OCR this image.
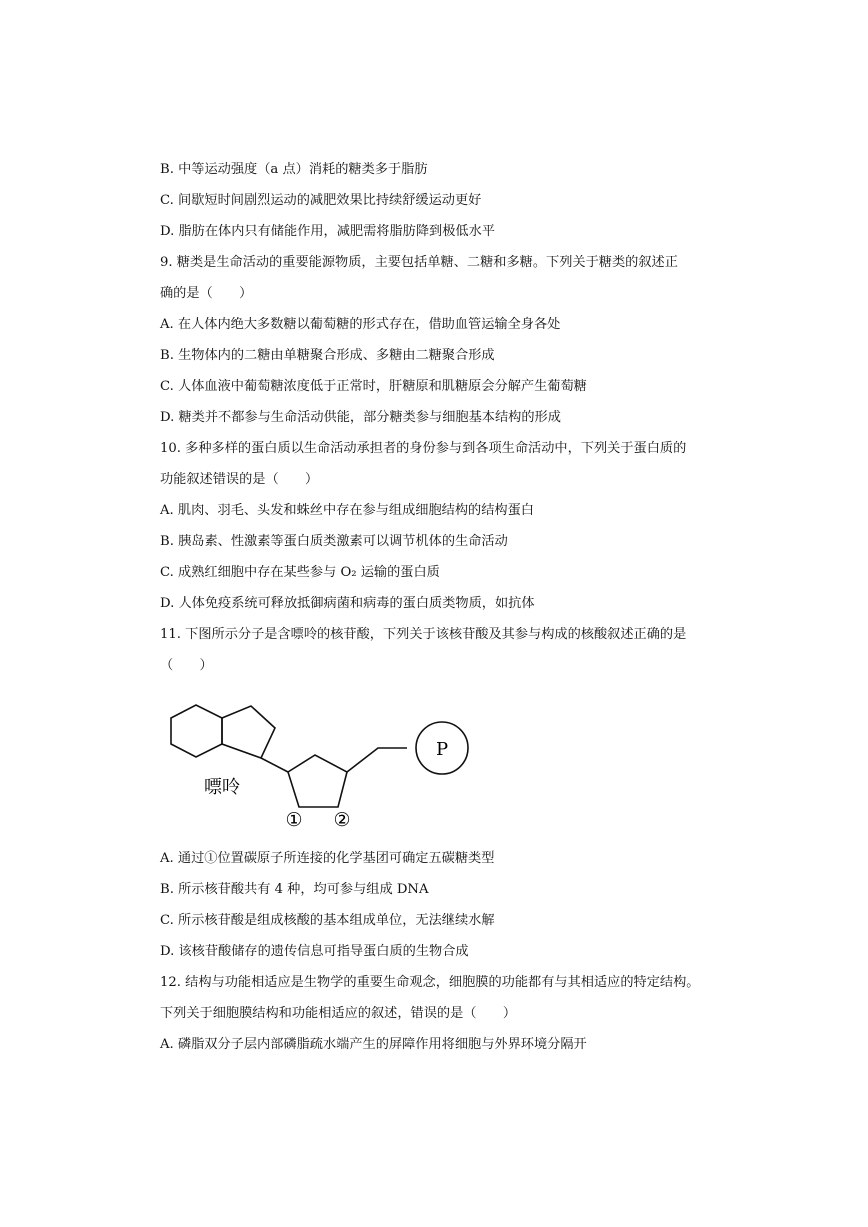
B. 中等运动强度（a 点）消耗的糖类多于脂肪
C. 间歇短时间剧烈运动的减肥效果比持续舒缓运动更好
D. 脂肪在体内只有储能作用，减肥需将脂肪降到极低水平
9. 糖类是生命活动的重要能源物质，主要包括单糖、二糖和多糖。下列关于糖类的叙述正
确的是（　　）
A. 在人体内绝大多数糖以葡萄糖的形式存在，借助血管运输全身各处
B. 生物体内的二糖由单糖聚合形成、多糖由二糖聚合形成
C. 人体血液中葡萄糖浓度低于正常时，肝糖原和肌糖原会分解产生葡萄糖
D. 糖类并不都参与生命活动供能，部分糖类参与细胞基本结构的形成
10. 多种多样的蛋白质以生命活动承担者的身份参与到各项生命活动中，下列关于蛋白质的
功能叙述错误的是（　　）
A. 肌肉、羽毛、头发和蛛丝中存在参与组成细胞结构的结构蛋白
B. 胰岛素、性激素等蛋白质类激素可以调节机体的生命活动
C. 成熟红细胞中存在某些参与 O₂ 运输的蛋白质
D. 人体免疫系统可释放抵御病菌和病毒的蛋白质类物质，如抗体
11. 下图所示分子是含嘌呤的核苷酸，下列关于该核苷酸及其参与构成的核酸叙述正确的是
（　　）
P
嘌呤
① ②
A. 通过①位置碳原子所连接的化学基团可确定五碳糖类型
B. 所示核苷酸共有 4 种，均可参与组成 DNA
C. 所示核苷酸是组成核酸的基本组成单位，无法继续水解
D. 该核苷酸储存的遗传信息可指导蛋白质的生物合成
12. 结构与功能相适应是生物学的重要生命观念，细胞膜的功能都有与其相适应的特定结构。
下列关于细胞膜结构和功能相适应的叙述，错误的是（　　）
A. 磷脂双分子层内部磷脂疏水端产生的屏障作用将细胞与外界环境分隔开
